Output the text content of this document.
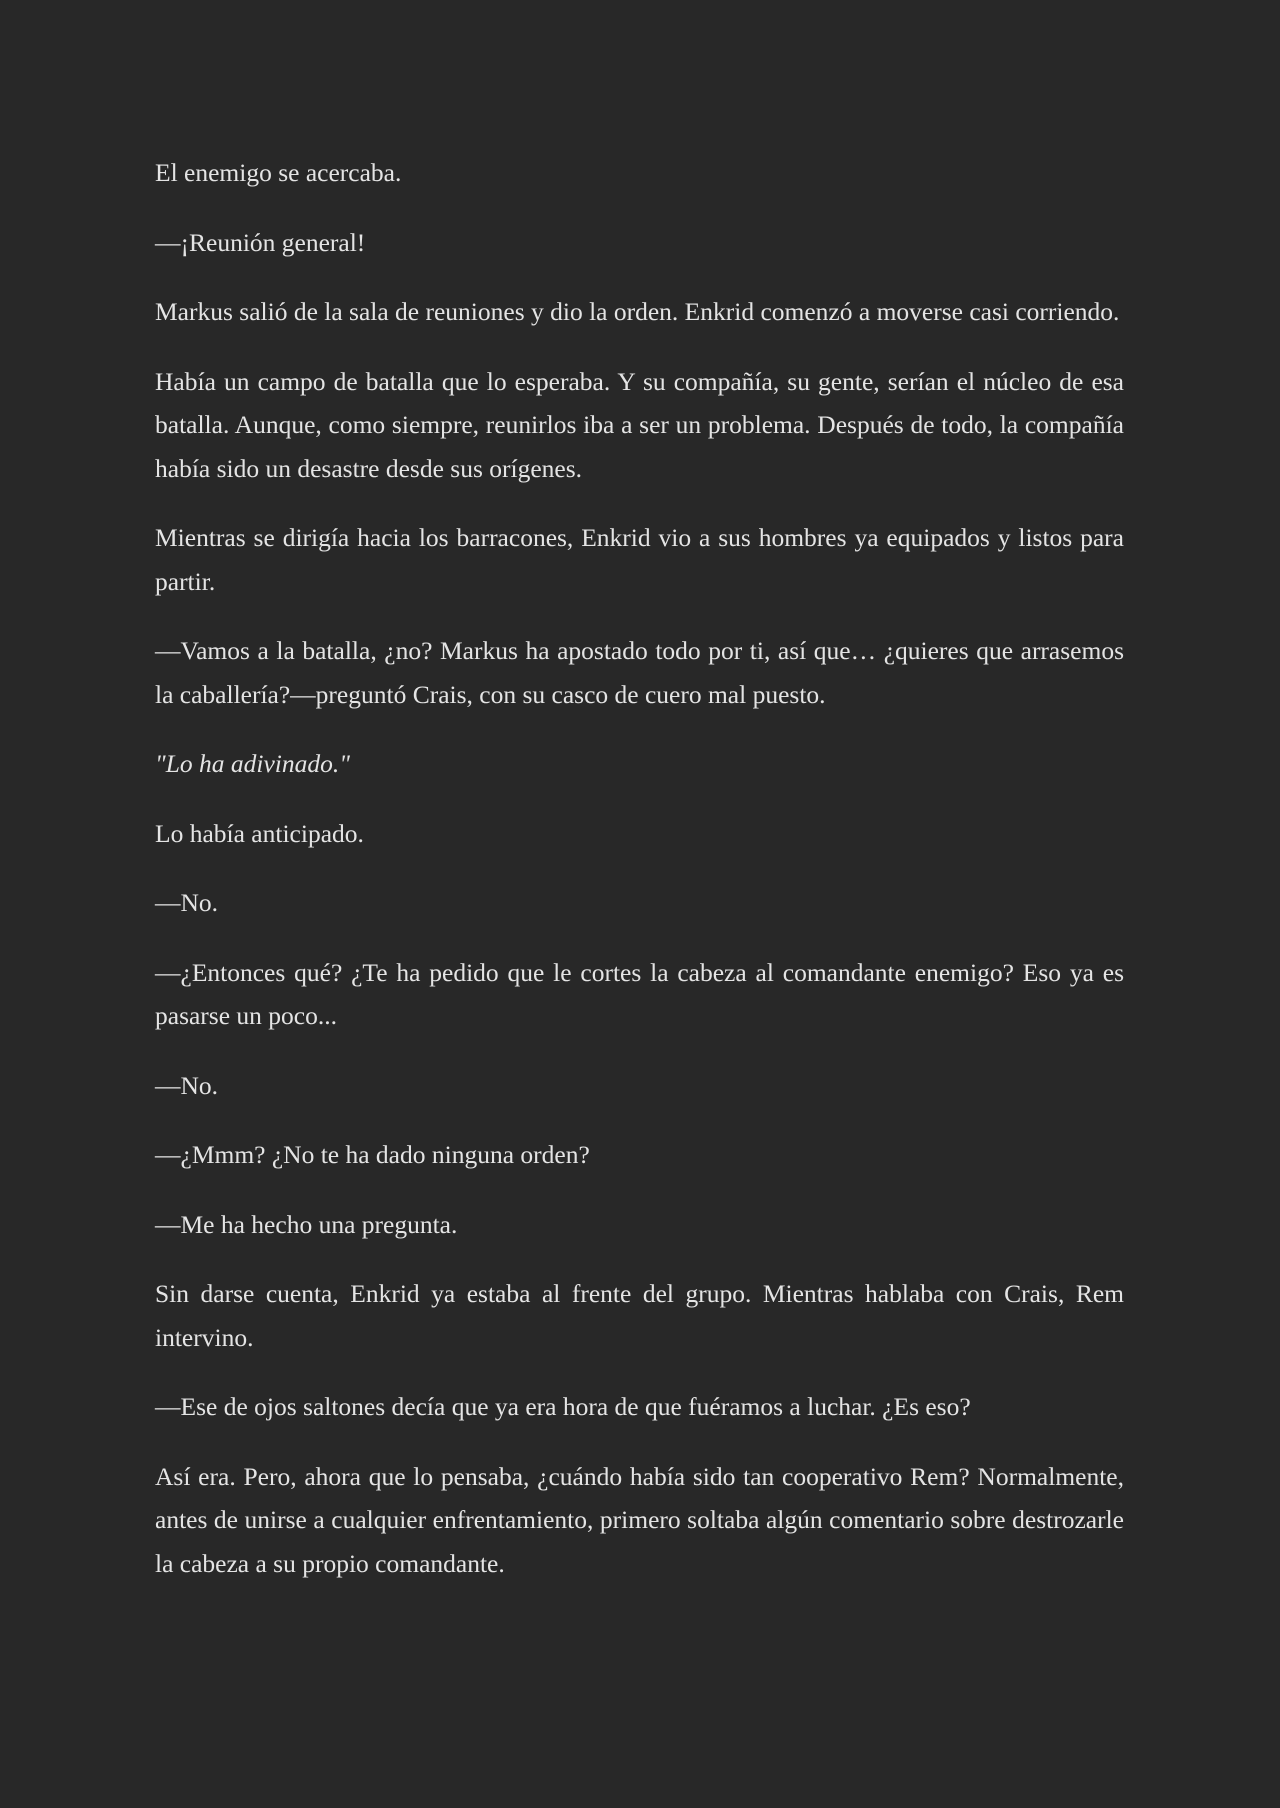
El enemigo se acercaba.

—¡Reunión general!

Markus salió de la sala de reuniones y dio la orden. Enkrid comenzó a moverse casi corriendo.

Había un campo de batalla que lo esperaba. Y su compañía, su gente, serían el núcleo de esa batalla. Aunque, como siempre, reunirlos iba a ser un problema. Después de todo, la compañía había sido un desastre desde sus orígenes.

Mientras se dirigía hacia los barracones, Enkrid vio a sus hombres ya equipados y listos para partir.

—Vamos a la batalla, ¿no? Markus ha apostado todo por ti, así que… ¿quieres que arrasemos la caballería?—preguntó Crais, con su casco de cuero mal puesto.

"Lo ha adivinado."

Lo había anticipado.

—No.

—¿Entonces qué? ¿Te ha pedido que le cortes la cabeza al comandante enemigo? Eso ya es pasarse un poco...

—No.

—¿Mmm? ¿No te ha dado ninguna orden?

—Me ha hecho una pregunta.

Sin darse cuenta, Enkrid ya estaba al frente del grupo. Mientras hablaba con Crais, Rem intervino.

—Ese de ojos saltones decía que ya era hora de que fuéramos a luchar. ¿Es eso?

Así era. Pero, ahora que lo pensaba, ¿cuándo había sido tan cooperativo Rem? Normalmente, antes de unirse a cualquier enfrentamiento, primero soltaba algún comentario sobre destrozarle la cabeza a su propio comandante.
